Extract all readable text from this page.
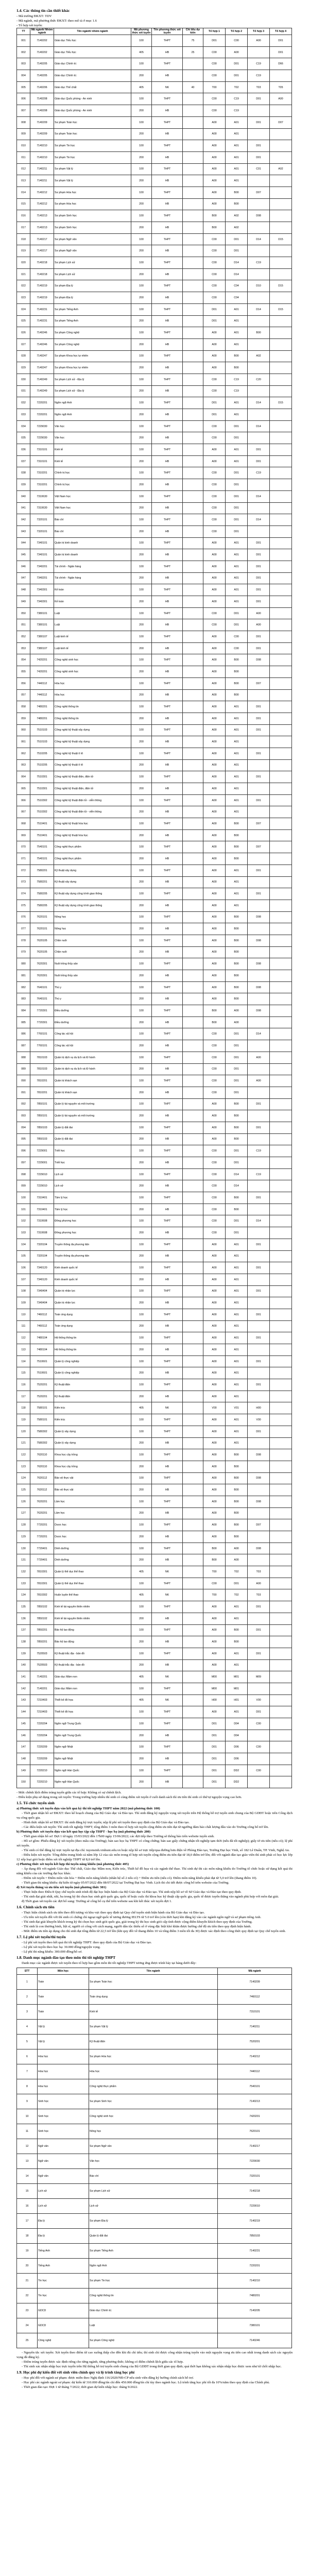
1.4. Các thông tin cần thiết khác

- Mã trường ĐKXT: TDV

- Mã ngành, mã phương thức ĐKXT: theo mô tả ở mục 1.6

- Tổ hợp xét tuyển:

TT	Mã ngành/ Nhóm ngành	Tên ngành/ nhóm ngành	Mã phương thức xét tuyển	Tên phương thức xét tuyển	Chỉ tiêu dự kiến	Tổ hợp 1	Tổ hợp 2	Tổ hợp 3	Tổ hợp 4
001	7140202	Giáo dục Tiểu học	100	THPT	75	D01	C00	A00	D01
002	7140202	Giáo dục Tiểu học	405	HB	25	C00	A00		D01
003	7140205	Giáo dục Chính trị	100	THPT		C00	D01	C19	D66
004	7140205	Giáo dục Chính trị	200	HB		C00	D01	C19	
005	7140206	Giáo dục Thể chất	405	NK	40	T00	T02	T03	T05
006	7140208	Giáo dục Quốc phòng - An ninh	100	THPT		C00	C19	D01	A00
007	7140208	Giáo dục Quốc phòng - An ninh	200	HB		C00	C19		
008	7140209	Sư phạm Toán học	100	THPT		A00	A01	D01	D07
009	7140209	Sư phạm Toán học	200	HB		A00	A01		
010	7140210	Sư phạm Tin học	100	THPT		A00	A01	D01	
011	7140210	Sư phạm Tin học	200	HB		A00	A01	D01	
012	7140211	Sư phạm Vật lý	100	THPT		A00	A01	C01	A02
013	7140211	Sư phạm Vật lý	200	HB		A00	A01		
014	7140212	Sư phạm Hóa học	100	THPT		A00	B00	D07	
015	7140212	Sư phạm Hóa học	200	HB		A00	B00		
016	7140213	Sư phạm Sinh học	100	THPT		B00	A02	D08	
017	7140213	Sư phạm Sinh học	200	HB		B00	A02		
018	7140217	Sư phạm Ngữ văn	100	THPT		C00	D01	D14	D15
019	7140217	Sư phạm Ngữ văn	200	HB		C00	D01		
020	7140218	Sư phạm Lịch sử	100	THPT		C00	D14	C19	
021	7140218	Sư phạm Lịch sử	200	HB		C00	D14		
022	7140219	Sư phạm Địa lý	100	THPT		C00	C04	D10	D15
023	7140219	Sư phạm Địa lý	200	HB		C00	C04		
024	7140231	Sư phạm Tiếng Anh	100	THPT		D01	A01	D14	D15
025	7140231	Sư phạm Tiếng Anh	200	HB		D01	A01		
026	7140246	Sư phạm Công nghệ	100	THPT		A00	A01	B00	
027	7140246	Sư phạm Công nghệ	200	HB		A00	A01		
028	7140247	Sư phạm Khoa học tự nhiên	100	THPT		A00	B00	A02	
029	7140247	Sư phạm Khoa học tự nhiên	200	HB		A00	B00		
030	7140249	Sư phạm Lịch sử - Địa lý	100	THPT		C00	C19	C20	
031	7140249	Sư phạm Lịch sử - Địa lý	200	HB		C00	C19		
032	7220201	Ngôn ngữ Anh	100	THPT		D01	A01	D14	D15
033	7220201	Ngôn ngữ Anh	200	HB		D01	A01		
034	7229030	Văn học	100	THPT		C00	D01	D14	
035	7229030	Văn học	200	HB		C00	D01		
036	7310101	Kinh tế	100	THPT		A00	A01	D01	
037	7310101	Kinh tế	200	HB		A00	A01	D01	
038	7310201	Chính trị học	100	THPT		C00	D01	C19	
039	7310201	Chính trị học	200	HB		C00	D01		
040	7310630	Việt Nam học	100	THPT		C00	D01	D14	
041	7310630	Việt Nam học	200	HB		C00	D01		
042	7320101	Báo chí	100	THPT		C00	D01	D14	
043	7320101	Báo chí	200	HB		C00	D01		
044	7340101	Quản trị kinh doanh	100	THPT		A00	A01	D01	
045	7340101	Quản trị kinh doanh	200	HB		A00	A01	D01	
046	7340201	Tài chính - Ngân hàng	100	THPT		A00	A01	D01	
047	7340201	Tài chính - Ngân hàng	200	HB		A00	A01	D01	
048	7340301	Kế toán	100	THPT		A00	A01	D01	
049	7340301	Kế toán	200	HB		A00	A01	D01	
050	7380101	Luật	100	THPT		C00	D01	A00	
051	7380101	Luật	200	HB		C00	D01	A00	
052	7380107	Luật kinh tế	100	THPT		A00	C00	D01	
053	7380107	Luật kinh tế	200	HB		A00	C00	D01	
054	7420201	Công nghệ sinh học	100	THPT		A00	B00	D08	
055	7420201	Công nghệ sinh học	200	HB		A00	B00		
056	7440112	Hóa học	100	THPT		A00	B00	D07	
057	7440112	Hóa học	200	HB		A00	B00		
058	7480201	Công nghệ thông tin	100	THPT		A00	A01	D01	
059	7480201	Công nghệ thông tin	200	HB		A00	A01	D01	
060	7510103	Công nghệ kỹ thuật xây dựng	100	THPT		A00	A01	D01	
061	7510103	Công nghệ kỹ thuật xây dựng	200	HB		A00	A01		
062	7510205	Công nghệ kỹ thuật ô tô	100	THPT		A00	A01	D01	
063	7510205	Công nghệ kỹ thuật ô tô	200	HB		A00	A01		
064	7510301	Công nghệ kỹ thuật điện, điện tử	100	THPT		A00	A01	D01	
065	7510301	Công nghệ kỹ thuật điện, điện tử	200	HB		A00	A01		
066	7510302	Công nghệ kỹ thuật điện tử - viễn thông	100	THPT		A00	A01	D01	
067	7510302	Công nghệ kỹ thuật điện tử - viễn thông	200	HB		A00	A01		
068	7510401	Công nghệ kỹ thuật hóa học	100	THPT		A00	B00	D07	
069	7510401	Công nghệ kỹ thuật hóa học	200	HB		A00	B00		
070	7540101	Công nghệ thực phẩm	100	THPT		A00	B00	D07	
071	7540101	Công nghệ thực phẩm	200	HB		A00	B00		
072	7580201	Kỹ thuật xây dựng	100	THPT		A00	A01	D01	
073	7580201	Kỹ thuật xây dựng	200	HB		A00	A01		
074	7580205	Kỹ thuật xây dựng công trình giao thông	100	THPT		A00	A01	D01	
075	7580205	Kỹ thuật xây dựng công trình giao thông	200	HB		A00	A01		
076	7620101	Nông học	100	THPT		A00	B00	D08	
077	7620101	Nông học	200	HB		A00	B00		
078	7620105	Chăn nuôi	100	THPT		A00	B00	D08	
079	7620105	Chăn nuôi	200	HB		A00	B00		
080	7620301	Nuôi trồng thủy sản	100	THPT		A00	B00	D08	
081	7620301	Nuôi trồng thủy sản	200	HB		A00	B00		
082	7640101	Thú y	100	THPT		A00	B00	D08	
083	7640101	Thú y	200	HB		A00	B00		
084	7720301	Điều dưỡng	100	THPT		B00	A00	D08	
085	7720301	Điều dưỡng	200	HB		B00	A00		
086	7760101	Công tác xã hội	100	THPT		C00	D01	D14	
087	7760101	Công tác xã hội	200	HB		C00	D01		
088	7810103	Quản trị dịch vụ du lịch và lữ hành	100	THPT		C00	D01	A00	
089	7810103	Quản trị dịch vụ du lịch và lữ hành	200	HB		C00	D01		
090	7810201	Quản trị khách sạn	100	THPT		C00	D01	A00	
091	7810201	Quản trị khách sạn	200	HB		C00	D01		
092	7850101	Quản lý tài nguyên và môi trường	100	THPT		A00	B00	D01	
093	7850101	Quản lý tài nguyên và môi trường	200	HB		A00	B00		
094	7850103	Quản lý đất đai	100	THPT		A00	B00	D01	
095	7850103	Quản lý đất đai	200	HB		A00	B00		
096	7229001	Triết học	100	THPT		C00	D01	C19	
097	7229001	Triết học	200	HB		C00	D01		
098	7229010	Lịch sử	100	THPT		C00	D14	C19	
099	7229010	Lịch sử	200	HB		C00	D14		
100	7310401	Tâm lý học	100	THPT		C00	B00	D01	
101	7310401	Tâm lý học	200	HB		C00	B00		
102	7310608	Đông phương học	100	THPT		C00	D01	D14	
103	7310608	Đông phương học	200	HB		C00	D01		
104	7320104	Truyền thông đa phương tiện	100	THPT		A00	A01	D01	
105	7320104	Truyền thông đa phương tiện	200	HB		A00	A01		
106	7340120	Kinh doanh quốc tế	100	THPT		A00	A01	D01	
107	7340120	Kinh doanh quốc tế	200	HB		A00	A01		
108	7340404	Quản trị nhân lực	100	THPT		A00	A01	D01	
109	7340404	Quản trị nhân lực	200	HB		A00	A01		
110	7460112	Toán ứng dụng	100	THPT		A00	A01	D01	
111	7460112	Toán ứng dụng	200	HB		A00	A01		
112	7480104	Hệ thống thông tin	100	THPT		A00	A01	D01	
113	7480104	Hệ thống thông tin	200	HB		A00	A01		
114	7510601	Quản lý công nghiệp	100	THPT		A00	A01	D01	
115	7510601	Quản lý công nghiệp	200	HB		A00	A01		
116	7520201	Kỹ thuật điện	100	THPT		A00	A01	D01	
117	7520201	Kỹ thuật điện	200	HB		A00	A01		
118	7580101	Kiến trúc	405	NK		V00	V01	H00	
119	7580101	Kiến trúc	100	THPT		A00	A01	V00	
120	7580302	Quản lý xây dựng	100	THPT		A00	A01	D01	
121	7580302	Quản lý xây dựng	200	HB		A00	A01		
122	7620110	Khoa học cây trồng	100	THPT		A00	B00	D08	
123	7620110	Khoa học cây trồng	200	HB		A00	B00		
124	7620112	Bảo vệ thực vật	100	THPT		A00	B00	D08	
125	7620112	Bảo vệ thực vật	200	HB		A00	B00		
126	7620201	Lâm học	100	THPT		A00	B00	D08	
127	7620201	Lâm học	200	HB		A00	B00		
128	7720201	Dược học	100	THPT		A00	B00	D07	
129	7720201	Dược học	200	HB		A00	B00		
130	7720401	Dinh dưỡng	100	THPT		B00	A00	D08	
131	7720401	Dinh dưỡng	200	HB		B00	A00		
132	7810301	Quản lý thể dục thể thao	405	NK		T00	T02	T03	
133	7810301	Quản lý thể dục thể thao	100	THPT		C00	D01	A00	
134	7810302	Huấn luyện thể thao	405	NK		T00	T02	T03	
135	7850102	Kinh tế tài nguyên thiên nhiên	100	THPT		A00	A01	D01	
136	7850102	Kinh tế tài nguyên thiên nhiên	200	HB		A00	A01		
137	7850201	Bảo hộ lao động	100	THPT		A00	B00	D01	
138	7850201	Bảo hộ lao động	200	HB		A00	B00		
139	7520503	Kỹ thuật trắc địa - bản đồ	100	THPT		A00	A01	D01	
140	7520503	Kỹ thuật trắc địa - bản đồ	200	HB		A00	A01		
141	7140201	Giáo dục Mầm non	405	NK		M00	M01	M09	
142	7140201	Giáo dục Mầm non	100	THPT		M00	M01		
143	7210403	Thiết kế đồ họa	405	NK		H00	H01	V00	
144	7210403	Thiết kế đồ họa	100	THPT		A00	A01	D01	
145	7220204	Ngôn ngữ Trung Quốc	100	THPT		D01	D04	C00	
146	7220204	Ngôn ngữ Trung Quốc	200	HB		D01	D04		
147	7220209	Ngôn ngữ Nhật	100	THPT		D01	D06	C00	
148	7220209	Ngôn ngữ Nhật	200	HB		D01	D06		
149	7220210	Ngôn ngữ Hàn Quốc	100	THPT		D01	DD2	C00	
150	7220210	Ngôn ngữ Hàn Quốc	200	HB		D01	DD2		

- Mức chênh lệch điểm trúng tuyển giữa các tổ hợp: Không có sự chênh lệch.

- Điều kiện phụ sử dụng trong xét tuyển: Trong trường hợp nhiều thí sinh có cùng điểm xét tuyển ở cuối danh sách thì ưu tiên thí sinh có thứ tự nguyện vọng cao hơn.

1.5. Tổ chức tuyển sinh

a) Phương thức xét tuyển dựa vào kết quả kỳ thi tốt nghiệp THPT năm 2022 (mã phương thức 100)

- Thời gian nhận hồ sơ ĐKXT: theo kế hoạch chung của Bộ Giáo dục và Đào tạo. Thí sinh đăng ký nguyện vọng xét tuyển trên Hệ thống hỗ trợ tuyển sinh chung của Bộ GDĐT hoặc trên Cổng dịch vụ công quốc gia.

- Hình thức nhận hồ sơ ĐKXT: thí sinh đăng ký trực tuyến; nộp lệ phí xét tuyển theo quy định của Bộ Giáo dục và Đào tạo.

- Các điều kiện xét tuyển: Thí sinh tốt nghiệp THPT; tổng điểm 3 môn theo tổ hợp xét tuyển cộng điểm ưu tiên đạt từ ngưỡng đảm bảo chất lượng đầu vào do Trường công bố trở lên.

b) Phương thức xét tuyển dựa vào kết quả học tập cấp THPT - học bạ (mã phương thức 200)

- Thời gian nhận hồ sơ: Đợt 1 từ ngày 15/03/2022 đến 17h00 ngày 15/06/2022; các đợt tiếp theo Trường sẽ thông báo trên website tuyển sinh.

- Hồ sơ gồm: Phiếu đăng ký xét tuyển (theo mẫu của Trường); bản sao học bạ THPT có công chứng; bản sao giấy chứng nhận tốt nghiệp tạm thời (nếu đã tốt nghiệp); giấy tờ ưu tiên (nếu có); lệ phí xét tuyển.

- Thí sinh có thể đăng ký trực tuyến tại địa chỉ: tuyensinh.vinhuni.edu.vn hoặc nộp hồ sơ trực tiếp/qua đường bưu điện về Phòng Đào tạo, Trường Đại học Vinh, số 182 Lê Duẩn, TP. Vinh, Nghệ An.

- Điều kiện xét tuyển: Tổng điểm trung bình cả năm lớp 12 của các môn trong tổ hợp xét tuyển cộng điểm ưu tiên đạt từ 18,0 điểm trở lên; đối với ngành đào tạo giáo viên thí sinh phải có học lực lớp 12 xếp loại giỏi hoặc điểm xét tốt nghiệp THPT từ 8,0 trở lên.

c) Phương thức xét tuyển kết hợp thi tuyển năng khiếu (mã phương thức 405)

- Áp dụng đối với ngành Giáo dục Thể chất, Giáo dục Mầm non, Kiến trúc, Thiết kế đồ họa và các ngành thể thao. Thí sinh dự thi các môn năng khiếu do Trường tổ chức hoặc sử dụng kết quả thi năng khiếu của các trường đại học khác.

- Điểm xét tuyển = Điểm môn văn hóa + Điểm môn năng khiếu (nhân hệ số 2 nếu có) + Điểm ưu tiên (nếu có). Điểm môn năng khiếu phải đạt từ 5,0 trở lên (thang điểm 10).

- Thời gian thi năng khiếu: dự kiến từ ngày 05/07/2022 đến 08/07/2022 tại Trường Đại học Vinh. Lịch thi chi tiết được công bố trên website của Trường.

d) Xét tuyển thẳng và ưu tiên xét tuyển (mã phương thức 301)

- Thực hiện theo Điều 8 Quy chế tuyển sinh trình độ đại học hiện hành của Bộ Giáo dục và Đào tạo. Thí sinh nộp hồ sơ về Sở Giáo dục và Đào tạo theo quy định.

- Thí sinh đạt giải nhất, nhì, ba trong kỳ thi chọn học sinh giỏi quốc gia, quốc tế hoặc cuộc thi khoa học kỹ thuật cấp quốc gia, quốc tế được tuyển thẳng vào ngành phù hợp với môn đạt giải.

đ) Thời gian xét tuyển các đợt bổ sung: Trường sẽ công bố cụ thể trên website sau khi kết thúc xét tuyển đợt 1.

1.6. Chính sách ưu tiên

- Thực hiện chính sách ưu tiên theo đối tượng và khu vực theo quy định tại Quy chế tuyển sinh hiện hành của Bộ Giáo dục và Đào tạo.

- Ưu tiên xét tuyển đối với thí sinh có chứng chỉ ngoại ngữ quốc tế tương đương IELTS từ 5.0 trở lên (còn thời hạn) khi đăng ký vào các ngành ngôn ngữ và sư phạm tiếng Anh.

- Thí sinh đạt giải khuyến khích trong kỳ thi chọn học sinh giỏi quốc gia, giải trong kỳ thi học sinh giỏi cấp tỉnh được cộng điểm khuyến khích theo quy định của Trường.

- Thí sinh là con thương binh, liệt sĩ, người có công với cách mạng, người dân tộc thiểu số ở vùng đặc biệt khó khăn được hưởng chế độ ưu tiên theo quy định hiện hành.

- Mức điểm ưu tiên áp dụng cho thí sinh đạt tổng điểm từ 22,5 trở lên (khi quy đổi về thang điểm 10 và tổng điểm 3 môn tối đa 30) được xác định theo công thức quy định tại Quy chế tuyển sinh.

1.7. Lệ phí xét tuyển/thi tuyển

- Lệ phí xét tuyển theo kết quả thi tốt nghiệp THPT: theo quy định của Bộ Giáo dục và Đào tạo.

- Lệ phí xét tuyển theo học bạ: 30.000 đồng/nguyện vọng.

- Lệ phí thi năng khiếu: 300.000 đồng/hồ sơ.

1.8. Danh mục ngành đào tạo theo môn thi tốt nghiệp THPT

Danh mục các ngành được xét tuyển theo tổ hợp bao gồm môn thi tốt nghiệp THPT tương ứng được trình bày tại bảng dưới đây:

STT	Môn học	Tên ngành	Mã ngành
1	Toán	Sư phạm Toán học	7140209
2	Toán	Toán ứng dụng	7460112
3	Toán	Kinh tế	7310101
4	Vật lý	Sư phạm Vật lý	7140211
5	Vật lý	Kỹ thuật điện	7520201
6	Hóa học	Sư phạm Hóa học	7140212
7	Hóa học	Hóa học	7440112
8	Hóa học	Công nghệ thực phẩm	7540101
9	Sinh học	Sư phạm Sinh học	7140213
10	Sinh học	Công nghệ sinh học	7420201
11	Sinh học	Nông học	7620101
12	Ngữ văn	Sư phạm Ngữ văn	7140217
13	Ngữ văn	Văn học	7229030
14	Ngữ văn	Báo chí	7320101
15	Lịch sử	Sư phạm Lịch sử	7140218
16	Lịch sử	Lịch sử	7229010
17	Địa lý	Sư phạm Địa lý	7140219
18	Địa lý	Quản lý đất đai	7850103
19	Tiếng Anh	Sư phạm Tiếng Anh	7140231
20	Tiếng Anh	Ngôn ngữ Anh	7220201
21	Tin học	Sư phạm Tin học	7140210
22	Tin học	Công nghệ thông tin	7480201
23	GDCD	Giáo dục Chính trị	7140205
24	GDCD	Luật	7380101
25	Công nghệ	Sư phạm Công nghệ	7140246

- Nguyên tắc xét tuyển: Xét tuyển theo điểm từ cao xuống thấp cho đến khi đủ chỉ tiêu; thí sinh chỉ được công nhận trúng tuyển vào một nguyện vọng ưu tiên cao nhất trong danh sách các nguyện vọng đã đăng ký.

- Điểm trúng tuyển được xác định riêng cho từng ngành, từng phương thức; không có điểm chênh lệch giữa các tổ hợp.

- Thí sinh xác nhận nhập học trực tuyến trên Hệ thống hỗ trợ tuyển sinh chung của Bộ GDĐT trong thời gian quy định; quá thời hạn không xác nhận nhập học được xem như từ chối nhập học.

1.9. Học phí dự kiến đối với sinh viên chính quy và lộ trình tăng học phí

- Học phí đối với ngành sư phạm: được miễn theo Nghị định 116/2020/NĐ-CP nếu sinh viên đăng ký hưởng chính sách hỗ trợ.

- Học phí các ngành ngoài sư phạm: dự kiến từ 310.000 đồng/tín chỉ đến 450.000 đồng/tín chỉ tùy theo ngành học. Lộ trình tăng học phí tối đa 10%/năm theo quy định của Chính phủ.

- Thời gian đào tạo: Đợt 1 từ tháng 7/2022; thời gian dự kiến nhập học: tháng 9/2022.
